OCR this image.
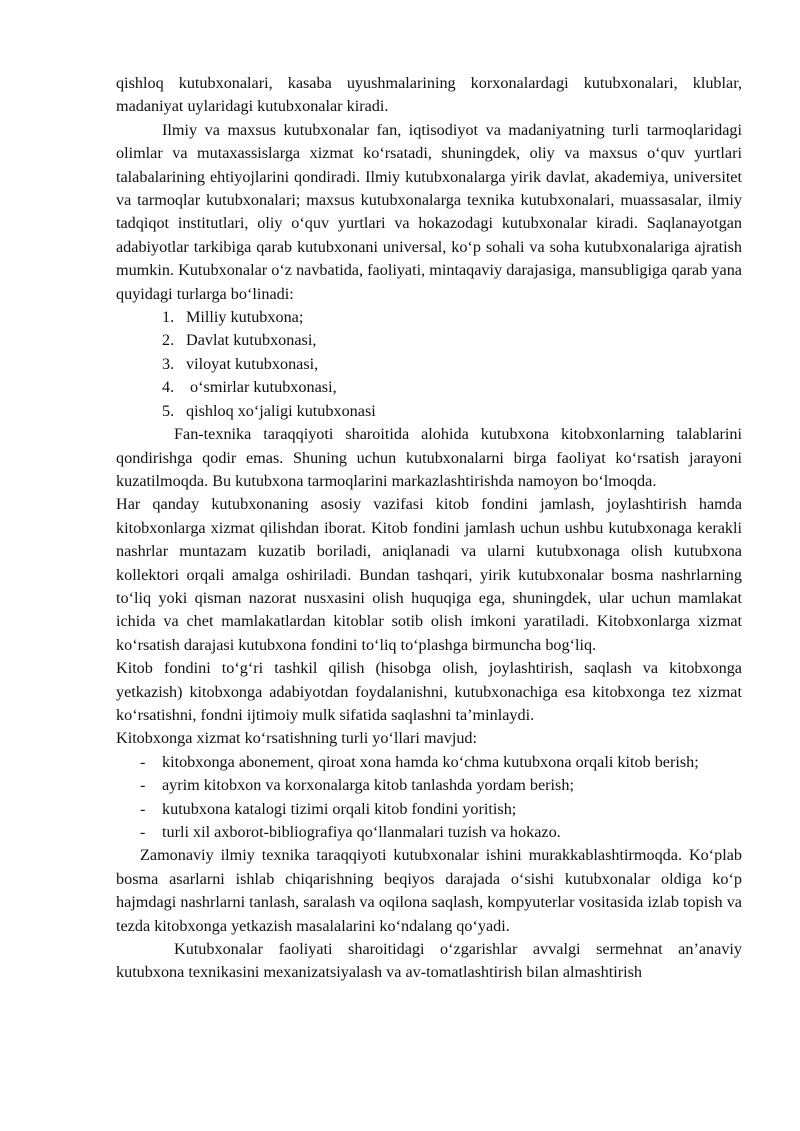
qishloq kutubxonalari, kasaba uyushmalarining korxonalardagi kutubxonalari, klublar, madaniyat uylaridagi kutubxonalar kiradi.

Ilmiy va maxsus kutubxonalar fan, iqtisodiyot va madaniyatning turli tarmoqlaridagi olimlar va mutaxassislarga xizmat ko‘rsatadi, shuningdek, oliy va maxsus o‘quv yurtlari talabalarining ehtiyojlarini qondiradi. Ilmiy kutubxonalarga yirik davlat, akademiya, universitet va tarmoqlar kutubxonalari; maxsus kutubxonalarga texnika kutubxonalari, muassasalar, ilmiy tadqiqot institutlari, oliy o‘quv yurtlari va hokazodagi kutubxonalar kiradi. Saqlanayotgan adabiyotlar tarkibiga qarab kutubxonani universal, ko‘p sohali va soha kutubxonalariga ajratish mumkin. Kutubxonalar o‘z navbatida, faoliyati, mintaqaviy darajasiga, mansubligiga qarab yana quyidagi turlarga bo‘linadi:

1. Milliy kutubxona;
2. Davlat kutubxonasi,
3. viloyat kutubxonasi,
4. o‘smirlar kutubxonasi,
5. qishloq xo‘jaligi kutubxonasi

Fan-texnika taraqqiyoti sharoitida alohida kutubxona kitobxonlarning talablarini qondirishga qodir emas. Shuning uchun kutubxonalarni birga faoliyat ko‘rsatish jarayoni kuzatilmoqda. Bu kutubxona tarmoqlarini markazlashtirishda namoyon bo‘lmoqda.

Har qanday kutubxonaning asosiy vazifasi kitob fondini jamlash, joylashtirish hamda kitobxonlarga xizmat qilishdan iborat. Kitob fondini jamlash uchun ushbu kutubxonaga kerakli nashrlar muntazam kuzatib boriladi, aniqlanadi va ularni kutubxonaga olish kutubxona kollektori orqali amalga oshiriladi. Bundan tashqari, yirik kutubxonalar bosma nashrlarning to‘liq yoki qisman nazorat nusxasini olish huquqiga ega, shuningdek, ular uchun mamlakat ichida va chet mamlakatlardan kitoblar sotib olish imkoni yaratiladi. Kitobxonlarga xizmat ko‘rsatish darajasi kutubxona fondini to‘liq to‘plashga birmuncha bog‘liq.

Kitob fondini to‘g‘ri tashkil qilish (hisobga olish, joylashtirish, saqlash va kitobxonga yetkazish) kitobxonga adabiyotdan foydalanishni, kutubxonachiga esa kitobxonga tez xizmat ko‘rsatishni, fondni ijtimoiy mulk sifatida saqlashni ta’minlaydi.

Kitobxonga xizmat ko‘rsatishning turli yo‘llari mavjud:

- kitobxonga abonement, qiroat xona hamda ko‘chma kutubxona orqali kitob berish;
- ayrim kitobxon va korxonalarga kitob tanlashda yordam berish;
- kutubxona katalogi tizimi orqali kitob fondini yoritish;
- turli xil axborot-bibliografiya qo‘llanmalari tuzish va hokazo.

Zamonaviy ilmiy texnika taraqqiyoti kutubxonalar ishini murakkablashtirmoqda. Ko‘plab bosma asarlarni ishlab chiqarishning beqiyos darajada o‘sishi kutubxonalar oldiga ko‘p hajmdagi nashrlarni tanlash, saralash va oqilona saqlash, kompyuterlar vositasida izlab topish va tezda kitobxonga yetkazish masalalarini ko‘ndalang qo‘yadi.

Kutubxonalar faoliyati sharoitidagi o‘zgarishlar avvalgi sermehnat an’anaviy kutubxona texnikasini mexanizatsiyalash va av-tomatlashtirish bilan almashtirish
